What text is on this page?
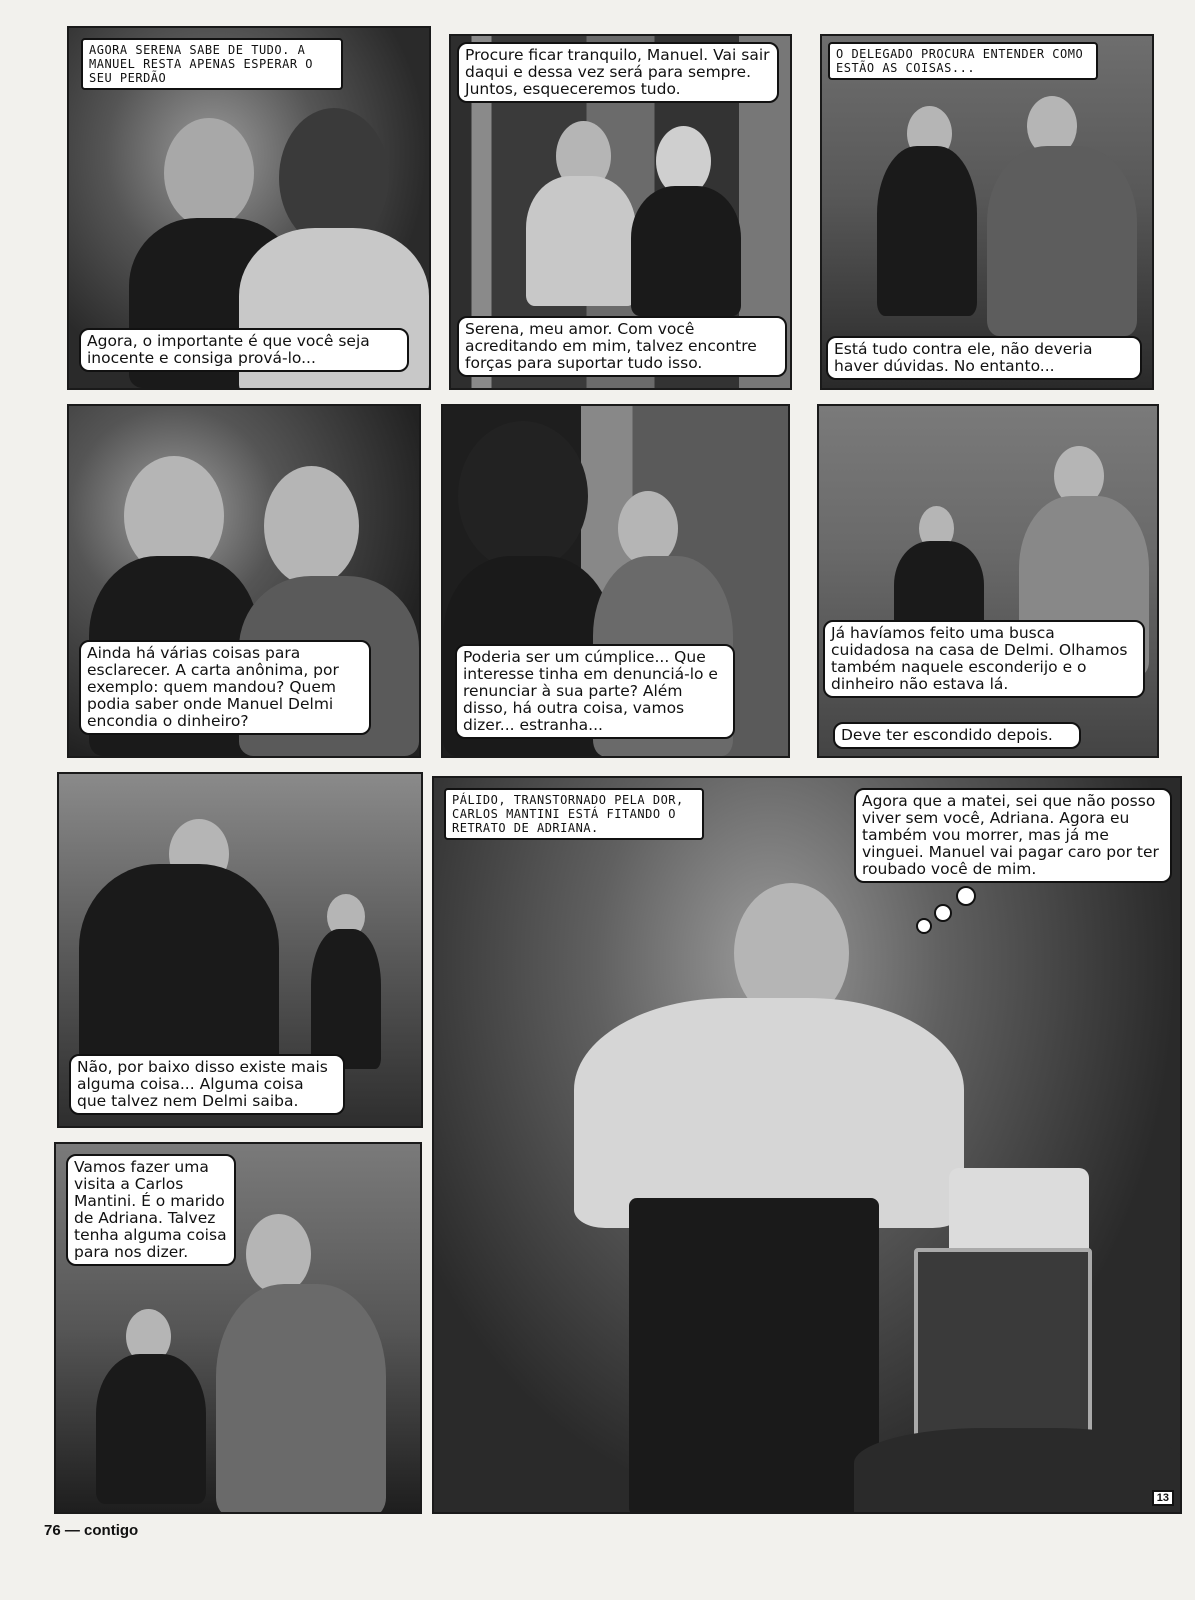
AGORA SERENA SABE DE TUDO. A MANUEL RESTA APENAS ESPERAR O SEU PERDÃO
Agora, o importante é que você seja inocente e consiga prová-lo...
Procure ficar tranquilo, Manuel. Vai sair daqui e dessa vez será para sempre. Juntos, esqueceremos tudo.
Serena, meu amor. Com você acreditando em mim, talvez encontre forças para suportar tudo isso.
O DELEGADO PROCURA ENTENDER COMO ESTÃO AS COISAS...
Está tudo contra ele, não deveria haver dúvidas. No entanto...
Ainda há várias coisas para esclarecer. A carta anônima, por exemplo: quem mandou? Quem podia saber onde Manuel Delmi encondia o dinheiro?
Poderia ser um cúmplice... Que interesse tinha em denunciá-lo e renunciar à sua parte? Além disso, há outra coisa, vamos dizer... estranha...
Já havíamos feito uma busca cuidadosa na casa de Delmi. Olhamos também naquele esconderijo e o dinheiro não estava lá.
Deve ter escondido depois.
Não, por baixo disso existe mais alguma coisa... Alguma coisa que talvez nem Delmi saiba.
Vamos fazer uma visita a Carlos Mantini. É o marido de Adriana. Talvez tenha alguma coisa para nos dizer.
PÁLIDO, TRANSTORNADO PELA DOR, CARLOS MANTINI ESTÁ FITANDO O RETRATO DE ADRIANA.
Agora que a matei, sei que não posso viver sem você, Adriana. Agora eu também vou morrer, mas já me vinguei. Manuel vai pagar caro por ter roubado você de mim.
13
76 — contigo
